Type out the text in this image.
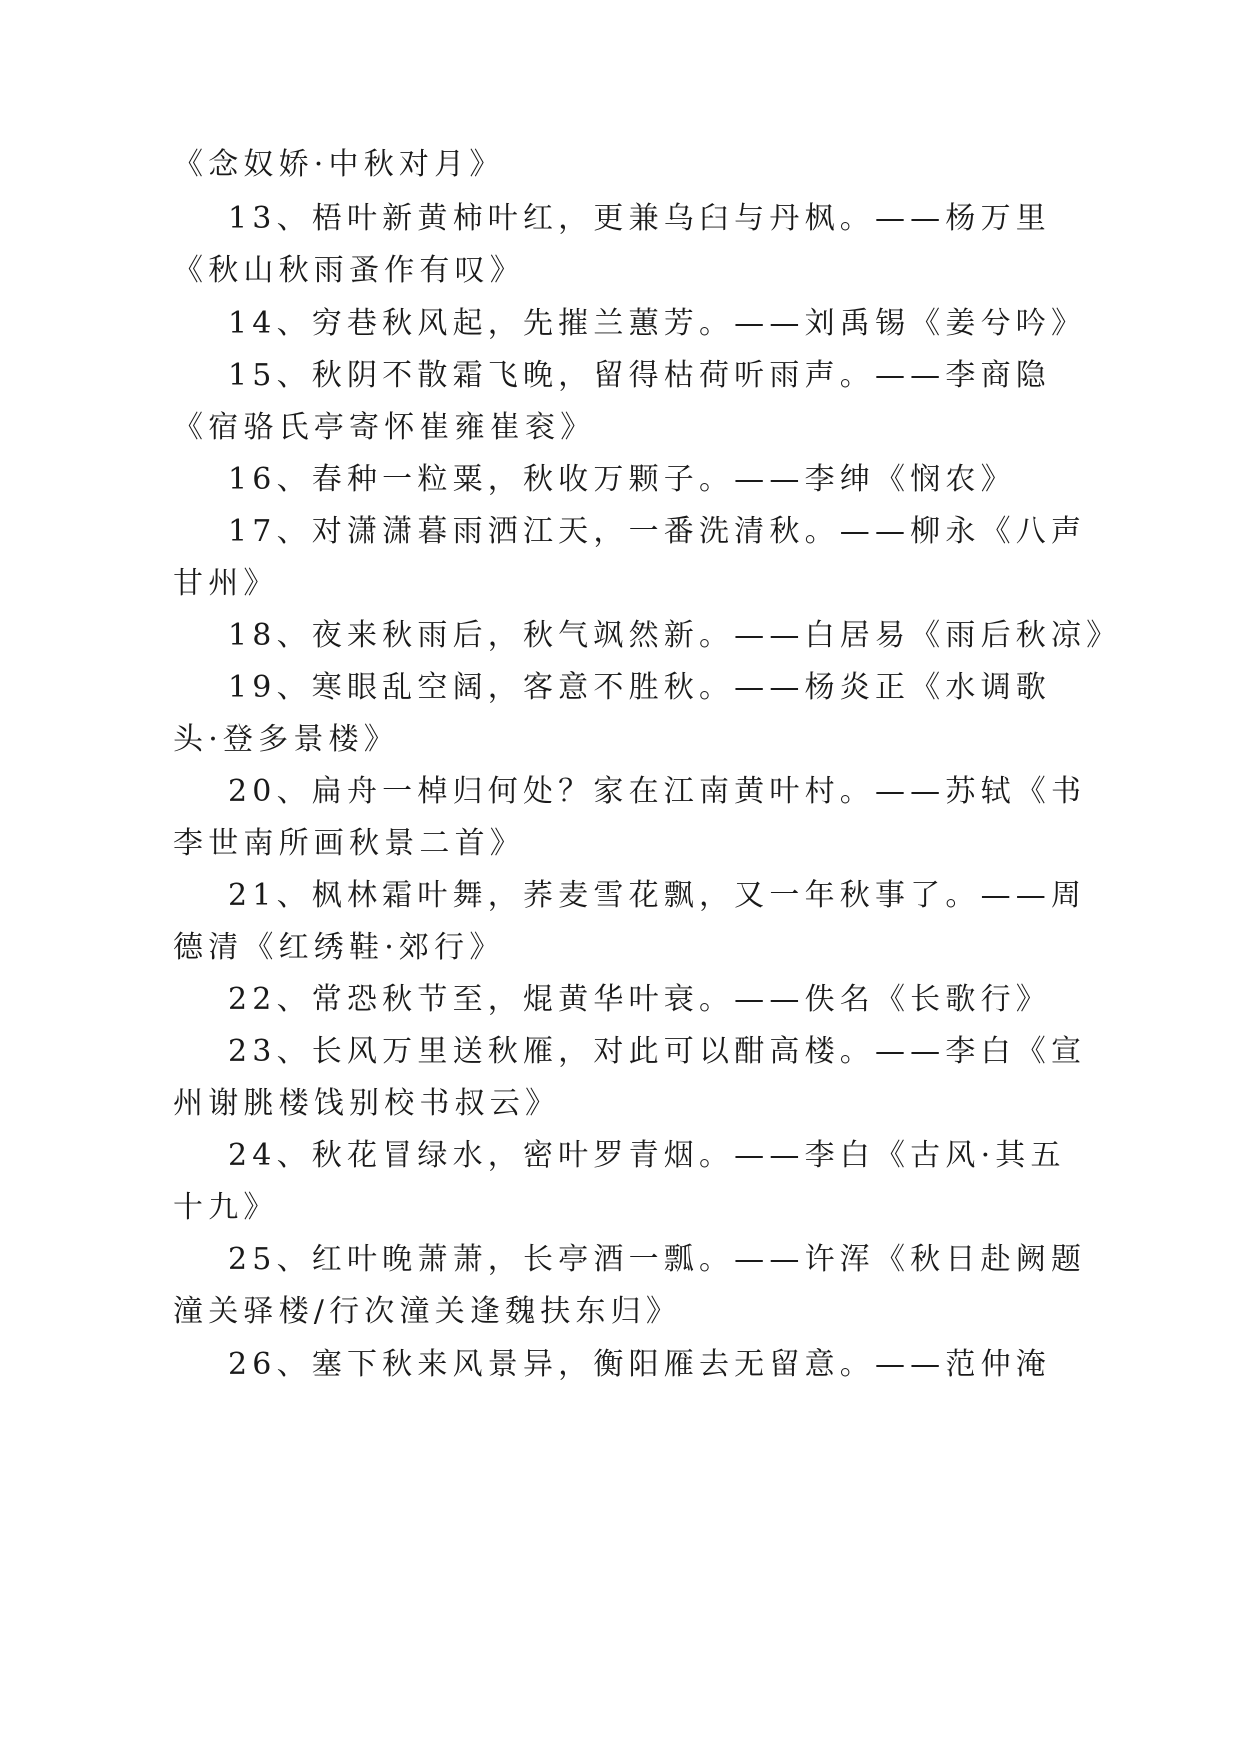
《念奴娇·中秋对月》
13、梧叶新黄柿叶红，更兼乌臼与丹枫。——杨万里
《秋山秋雨蚤作有叹》
14、穷巷秋风起，先摧兰蕙芳。——刘禹锡《姜兮吟》
15、秋阴不散霜飞晚，留得枯荷听雨声。——李商隐
《宿骆氏亭寄怀崔雍崔衮》
16、春种一粒粟，秋收万颗子。——李绅《悯农》
17、对潇潇暮雨洒江天，一番洗清秋。——柳永《八声
甘州》
18、夜来秋雨后，秋气飒然新。——白居易《雨后秋凉》
19、寒眼乱空阔，客意不胜秋。——杨炎正《水调歌
头·登多景楼》
20、扁舟一棹归何处？家在江南黄叶村。——苏轼《书
李世南所画秋景二首》
21、枫林霜叶舞，荞麦雪花飘，又一年秋事了。——周
德清《红绣鞋·郊行》
22、常恐秋节至，焜黄华叶衰。——佚名《长歌行》
23、长风万里送秋雁，对此可以酣高楼。——李白《宣
州谢朓楼饯别校书叔云》
24、秋花冒绿水，密叶罗青烟。——李白《古风·其五
十九》
25、红叶晚萧萧，长亭酒一瓢。——许浑《秋日赴阙题
潼关驿楼/行次潼关逢魏扶东归》
26、塞下秋来风景异，衡阳雁去无留意。——范仲淹
